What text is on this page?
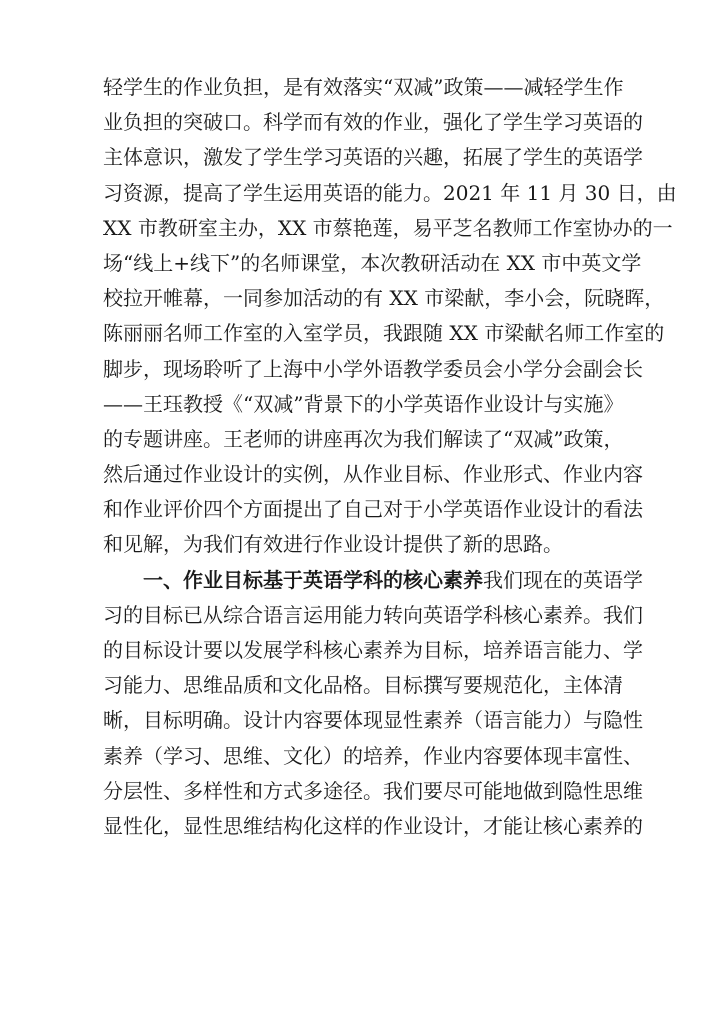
轻学生的作业负担，是有效落实“双减”政策——减轻学生作
业负担的突破口。科学而有效的作业，强化了学生学习英语的
主体意识，激发了学生学习英语的兴趣，拓展了学生的英语学
习资源，提高了学生运用英语的能力。2021 年 11 月 30 日，由
XX 市教研室主办，XX 市蔡艳莲，易平芝名教师工作室协办的一
场“线上+线下”的名师课堂，本次教研活动在 XX 市中英文学
校拉开帷幕，一同参加活动的有 XX 市梁献，李小会，阮晓晖，
陈丽丽名师工作室的入室学员，我跟随 XX 市梁献名师工作室的
脚步，现场聆听了上海中小学外语教学委员会小学分会副会长
——王珏教授《“双减”背景下的小学英语作业设计与实施》
的专题讲座。王老师的讲座再次为我们解读了“双减”政策，
然后通过作业设计的实例，从作业目标、作业形式、作业内容
和作业评价四个方面提出了自己对于小学英语作业设计的看法
和见解，为我们有效进行作业设计提供了新的思路。
一、作业目标基于英语学科的核心素养我们现在的英语学
习的目标已从综合语言运用能力转向英语学科核心素养。我们
的目标设计要以发展学科核心素养为目标，培养语言能力、学
习能力、思维品质和文化品格。目标撰写要规范化，主体清
晰，目标明确。设计内容要体现显性素养（语言能力）与隐性
素养（学习、思维、文化）的培养，作业内容要体现丰富性、
分层性、多样性和方式多途径。我们要尽可能地做到隐性思维
显性化，显性思维结构化这样的作业设计，才能让核心素养的
